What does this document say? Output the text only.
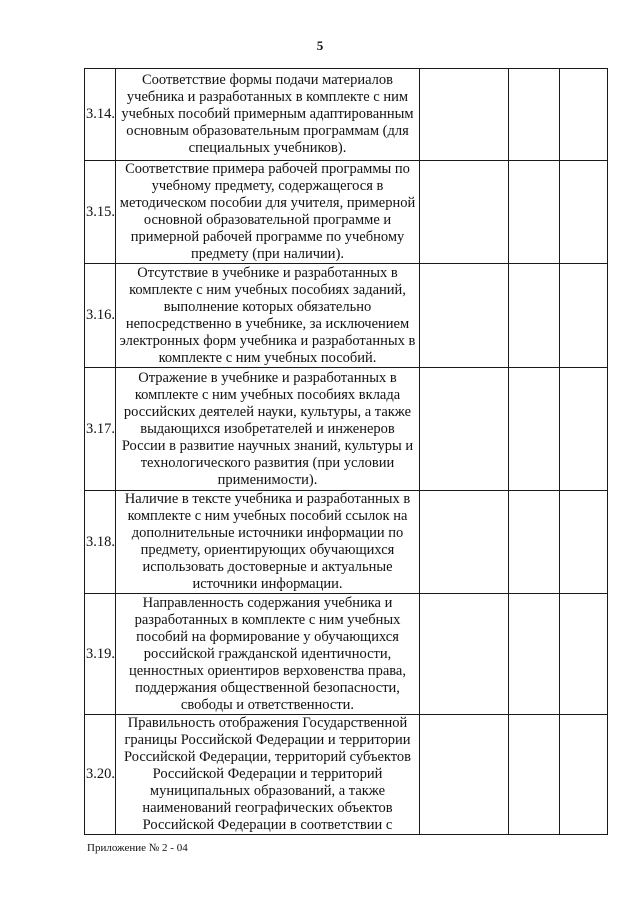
5
3.14.	Соответствие формы подачи материалов учебника и разработанных в комплекте с ним учебных пособий примерным адаптированным основным образовательным программам (для специальных учебников).			
3.15.	Соответствие примера рабочей программы по учебному предмету, содержащегося в методическом пособии для учителя, примерной основной образовательной программе и примерной рабочей программе по учебному предмету (при наличии).			
3.16.	Отсутствие в учебнике и разработанных в комплекте с ним учебных пособиях заданий, выполнение которых обязательно непосредственно в учебнике, за исключением электронных форм учебника и разработанных в комплекте с ним учебных пособий.			
3.17.	Отражение в учебнике и разработанных в комплекте с ним учебных пособиях вклада российских деятелей науки, культуры, а также выдающихся изобретателей и инженеров России в развитие научных знаний, культуры и технологического развития (при условии применимости).			
3.18.	Наличие в тексте учебника и разработанных в комплекте с ним учебных пособий ссылок на дополнительные источники информации по предмету, ориентирующих обучающихся использовать достоверные и актуальные источники информации.			
3.19.	Направленность содержания учебника и разработанных в комплекте с ним учебных пособий на формирование у обучающихся российской гражданской идентичности, ценностных ориентиров верховенства права, поддержания общественной безопасности, свободы и ответственности.			
3.20.	Правильность отображения Государственной границы Российской Федерации и территории Российской Федерации, территорий субъектов Российской Федерации и территорий муниципальных образований, а также наименований географических объектов Российской Федерации в соответствии с			
Приложение № 2 - 04
